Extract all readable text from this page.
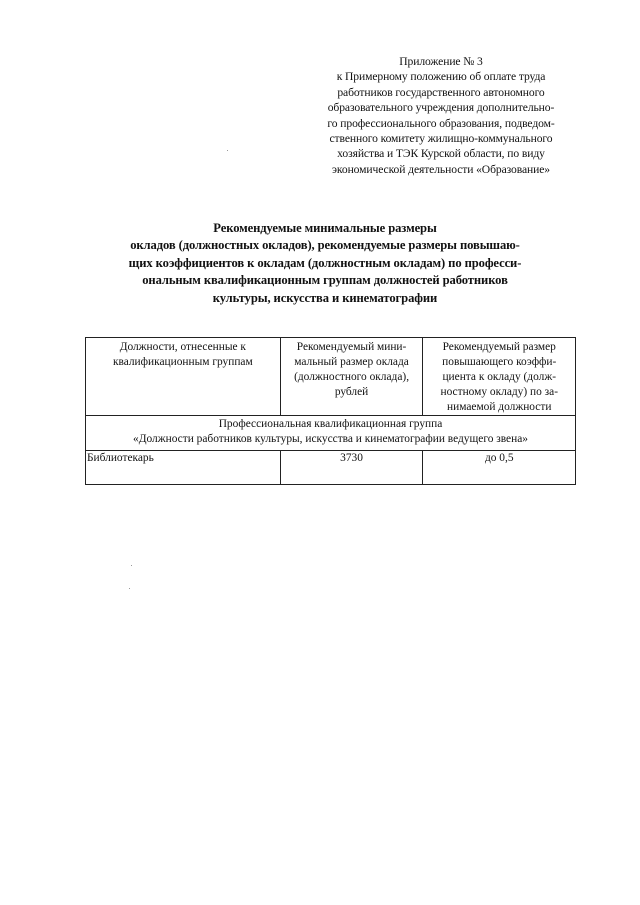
Приложение № 3
к Примерному положению об оплате труда
работников государственного автономного
образовательного учреждения дополнительно-
го профессионального образования, подведом-
ственного комитету жилищно-коммунального
хозяйства и ТЭК Курской области, по виду
экономической деятельности «Образование»
Рекомендуемые минимальные размеры
окладов (должностных окладов), рекомендуемые размеры повышаю-
щих коэффициентов к окладам (должностным окладам) по професси-
ональным квалификационным группам должностей работников
культуры, искусства и кинематографии
Должности, отнесенные к
квалификационным группам	Рекомендуемый мини-
мальный размер оклада
(должностного оклада),
рублей	Рекомендуемый размер
повышающего коэффи-
циента к окладу (долж-
ностному окладу) по за-
нимаемой должности

Профессиональная квалификационная группа
«Должности работников культуры, искусства и кинематографии ведущего звена»		

Библиотекарь	3730	до 0,5
